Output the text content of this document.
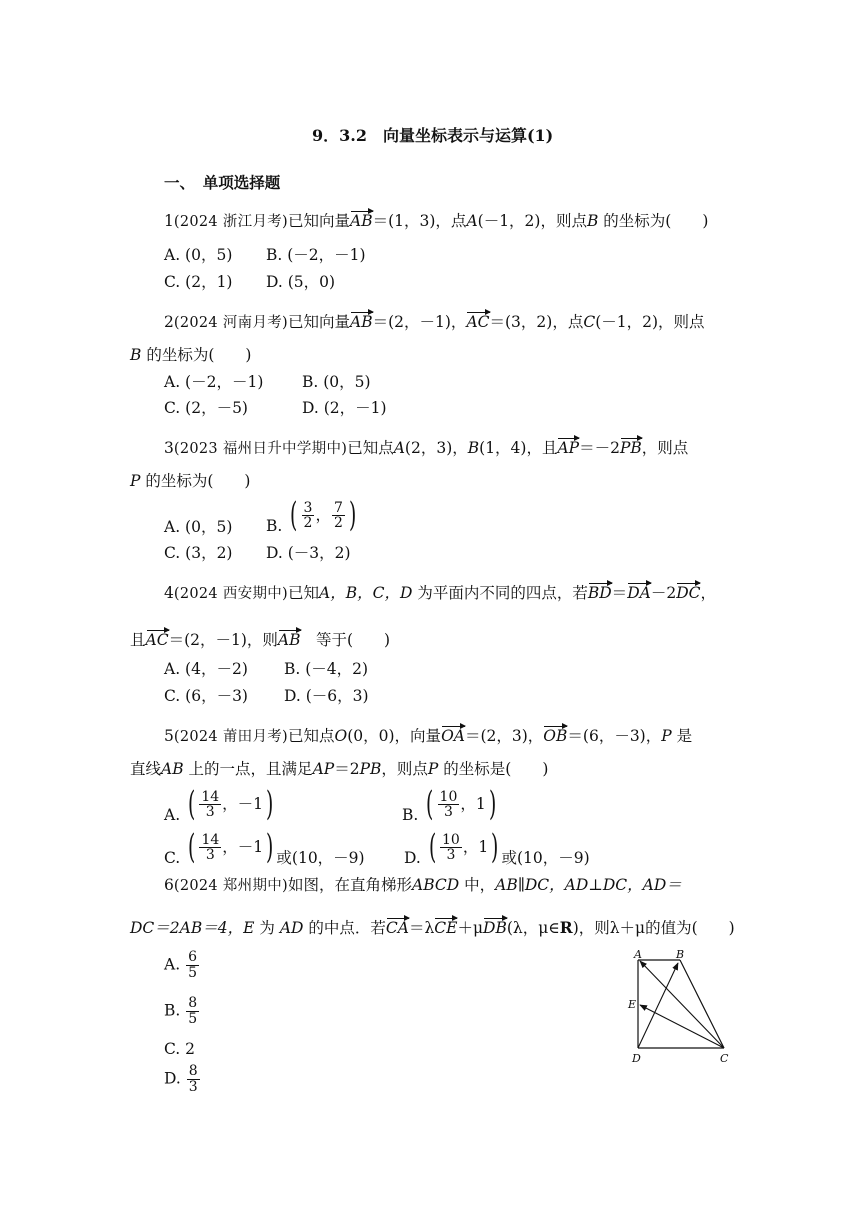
9．3.2　向量坐标表示与运算(1)
一、　单项选择题
1(2024 浙江月考)已知向量AB＝(1，3)，点A(－1，2)，则点B 的坐标为(　　)
A. (0，5) B. (－2，－1)
C. (2，1) D. (5，0)
2(2024 河南月考)已知向量AB＝(2，－1)，AC＝(3，2)，点C(－1，2)，则点
B 的坐标为(　　)
A. (－2，－1) B. (0，5)
C. (2，－5)	D. (2，－1)
3(2023 福州日升中学期中)已知点A(2，3)，B(1，4)，且AP＝－2PB，则点
P 的坐标为(　　)
A. (0，5) B. ( $\frac{3}{2}$ ， $\frac{7}{2}$ )
C. (3，2) D. (－3，2)
4(2024 西安期中)已知A，B，C，D 为平面内不同的四点，若BD＝DA－2DC，
且AC＝(2，－1)，则AB　等于(　　)
A. (4，－2) B. (－4，2)
C. (6，－3) D. (－6，3)
5(2024 莆田月考)已知点O(0，0)，向量OA＝(2，3)，OB＝(6，－3)，P 是
直线AB 上的一点，且满足AP＝2PB，则点P 的坐标是(　　)
A. ( $\frac{14}{3}$ ，－1 )	B. ( $\frac{10}{3}$ ，1 )
C. ( $\frac{14}{3}$ ，－1 ) 或(10，－9)	D. ( $\frac{10}{3}$ ，1 ) 或(10，－9)
6(2024 郑州期中)如图，在直角梯形ABCD 中，AB∥DC，AD⊥DC，AD＝
DC＝2AB＝4，E 为 AD 的中点．若CA＝λCE＋μDB(λ，μ∈R)，则λ＋μ的值为(　　)
A. $\frac{6}{5}$
B. $\frac{8}{5}$
C. 2
D. $\frac{8}{3}$
A	B
C
D
E
